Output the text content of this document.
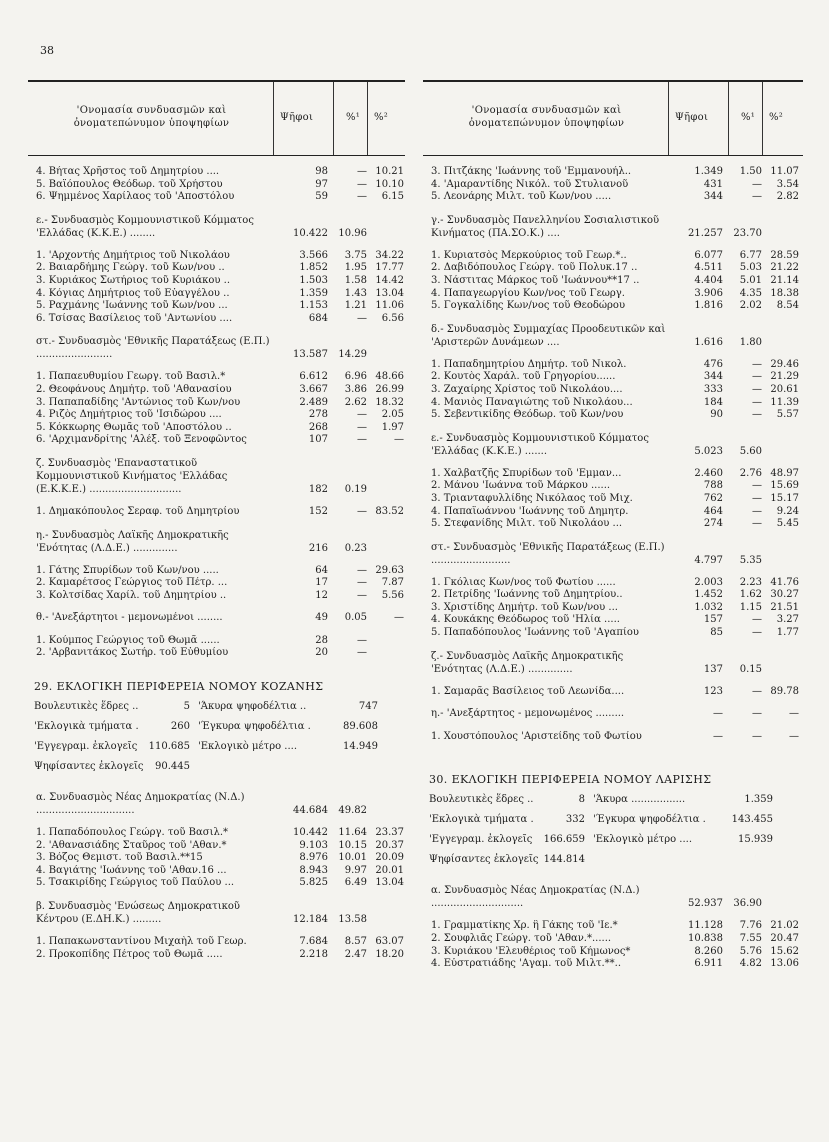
38
'Ονομασία συνδυασμῶν καὶ ὀνοματεπώνυμον ὑποψηφίων
Ψῆφοι	%¹ %²
4. Βήτας Χρῆστος τοῦ Δημητρίου ....	98	— 10.21
5. Βαϊόπουλος Θεόδωρ. τοῦ Χρήστου	97	— 10.10
6. Ψημμένος Χαρίλαος τοῦ 'Αποστόλου	59	—	6.15
ε.- Συνδυασμὸς Κομμουνιστικοῦ Κόμματος 'Ελλάδας (Κ.Κ.Ε.) ........	10.422	10.96
1. 'Αρχοντής Δημήτριος τοῦ Νικολάου	3.566	3.75 34.22
2. Βαιαρδήμης Γεώργ. τοῦ Κων/νου ..	1.852	1.95 17.77
3. Κυριάκος Σωτήριος τοῦ Κυριάκου ..	1.503	1.58 14.42
4. Κόγιας Δημήτριος τοῦ Εὐαγγέλου ..	1.359	1.43 13.04
5. Ραχμάνης 'Ιωάννης τοῦ Κων/νου ...	1.153	1.21 11.06
6. Τσίσας Βασίλειος τοῦ 'Αντωνίου ....	684	—	6.56
στ.- Συνδυασμὸς 'Εθνικῆς Παρατάξεως (Ε.Π.) ........................	13.587	14.29
1. Παπαευθυμίου Γεωργ. τοῦ Βασιλ.*	6.612	6.96 48.66
2. Θεοφάνους Δημήτρ. τοῦ 'Αθανασίου	3.667	3.86 26.99
3. Παπαπαδίδης 'Αντώνιος τοῦ Κων/νου	2.489	2.62 18.32
4. Ριζὸς Δημήτριος τοῦ 'Ισιδώρου ....	278	—	2.05
5. Κόκκωρης Θωμᾶς τοῦ 'Αποστόλου ..	268	—	1.97
6. 'Αρχιμανδρίτης 'Αλέξ. τοῦ Ξενοφῶντος	107	—	—
ζ. Συνδυασμὸς 'Επαναστατικοῦ Κομμουνιστικοῦ Κινήματος 'Ελλάδας (Ε.Κ.Κ.Ε.) .............................	182	0.19
1. Δημακόπουλος Σεραφ. τοῦ Δημητρίου	152	— 83.52
η.- Συνδυασμὸς Λαϊκῆς Δημοκρατικῆς 'Ενότητας (Λ.Δ.Ε.) ..............	216	0.23
1. Γάτης Σπυρίδων τοῦ Κων/νου .....	64	— 29.63
2. Καμαρέτσος Γεώργιος τοῦ Πέτρ. ...	17	—	7.87
3. Κολτσίδας Χαρίλ. τοῦ Δημητρίου ..	12	—	5.56
θ.- 'Ανεξάρτητοι - μεμονωμένοι ........	49	0.05	—
1. Κούμπος Γεώργιος τοῦ Θωμᾶ ......	28	—
2. 'Αρβανιτάκος Σωτήρ. τοῦ Εὐθυμίου	20	—
29. ΕΚΛΟΓΙΚΗ ΠΕΡΙΦΕΡΕΙΑ ΝΟΜΟΥ ΚΟΖΑΝΗΣ
Βουλευτικὲς ἕδρες ..	5 'Άκυρα ψηφοδέλτια ..	747
'Εκλογικὰ τμήματα .	260 'Έγκυρα ψηφοδέλτια .	89.608
'Εγγεγραμ. ἐκλογεῖς	110.685 'Εκλογικὸ μέτρο ....	14.949
Ψηφίσαντες ἐκλογεῖς	90.445
α. Συνδυασμὸς Νέας Δημοκρατίας (Ν.Δ.) ...............................	44.684	49.82
1. Παπαδόπουλος Γεώργ. τοῦ Βασιλ.*	10.442	11.64 23.37
2. 'Αθανασιάδης Σταῦρος τοῦ 'Αθαν.*	9.103	10.15 20.37
3. Βόζος Θεμιστ. τοῦ Βασιλ.**15	8.976	10.01 20.09
4. Βαγιάτης 'Ιωάννης τοῦ 'Αθαν.16 ...	8.943	9.97 20.01
5. Τσακιρίδης Γεώργιος τοῦ Παύλου ...	5.825	6.49 13.04
β. Συνδυασμὸς 'Ενώσεως Δημοκρατικοῦ Κέντρου (Ε.ΔΗ.Κ.) .........	12.184	13.58
1. Παπακωνσταντίνου Μιχαὴλ τοῦ Γεωρ.	7.684	8.57 63.07
2. Προκοπίδης Πέτρος τοῦ Θωμᾶ .....	2.218	2.47 18.20
'Ονομασία συνδυασμῶν καὶ ὀνοματεπώνυμον ὑποψηφίων
Ψῆφοι	%¹ %²
3. Πιτζάκης 'Ιωάννης τοῦ 'Εμμανουήλ..	1.349	1.50 11.07
4. 'Αμαραντίδης Νικόλ. τοῦ Στυλιανοῦ	431	—	3.54
5. Λεονάρης Μιλτ. τοῦ Κων/νου .....	344	—	2.82
γ.- Συνδυασμὸς Πανελληνίου Σοσιαλιστικοῦ Κινήματος (ΠΑ.ΣΟ.Κ.) ....	21.257	23.70
1. Κυριατσὸς Μερκούριος τοῦ Γεωρ.*..	6.077	6.77 28.59
2. Δαβιδόπουλος Γεώργ. τοῦ Πολυκ.17 ..	4.511	5.03 21.22
3. Νάστιτας Μάρκος τοῦ 'Ιωάννου**17 ..	4.404	5.01 21.14
4. Παπαγεωργίου Κων/νος τοῦ Γεωργ.	3.906	4.35 18.38
5. Γογκαλίδης Κων/νος τοῦ Θεοδώρου	1.816	2.02	8.54
δ.- Συνδυασμὸς Συμμαχίας Προοδευτικῶν καὶ 'Αριστερῶν Δυνάμεων ....	1.616	1.80
1. Παπαδημητρίου Δημήτρ. τοῦ Νικολ.	476	— 29.46
2. Κουτὸς Χαράλ. τοῦ Γρηγορίου......	344	— 21.29
3. Ζαχαίρης Χρίστος τοῦ Νικολάου....	333	— 20.61
4. Μανιὸς Παναγιώτης τοῦ Νικολάου...	184	— 11.39
5. Σεβεντικίδης Θεόδωρ. τοῦ Κων/νου	90	—	5.57
ε.- Συνδυασμὸς Κομμουνιστικοῦ Κόμματος 'Ελλάδας (Κ.Κ.Ε.) .......	5.023	5.60
1. Χαλβατζῆς Σπυρίδων τοῦ 'Εμμαν...	2.460	2.76 48.97
2. Μάνου 'Ιωάννα τοῦ Μάρκου ......	788	— 15.69
3. Τριανταφυλλίδης Νικόλαος τοῦ Μιχ.	762	— 15.17
4. Παπαϊωάννου 'Ιωάννης τοῦ Δημητρ.	464	—	9.24
5. Στεφανίδης Μιλτ. τοῦ Νικολάου ...	274	—	5.45
στ.- Συνδυασμὸς 'Εθνικῆς Παρατάξεως (Ε.Π.) .........................	4.797	5.35
1. Γκόλιας Κων/νος τοῦ Φωτίου ......	2.003	2.23 41.76
2. Πετρίδης 'Ιωάννης τοῦ Δημητρίου..	1.452	1.62 30.27
3. Χριστίδης Δημήτρ. τοῦ Κων/νου ...	1.032	1.15 21.51
4. Κουκάκης Θεόδωρος τοῦ 'Ηλία .....	157	—	3.27
5. Παπαδόπουλος 'Ιωάννης τοῦ 'Αγαπίου	85	—	1.77
ζ.- Συνδυασμὸς Λαϊκῆς Δημοκρατικῆς 'Ενότητας (Λ.Δ.Ε.) ..............	137	0.15
1. Σαμαρᾶς Βασίλειος τοῦ Λεωνίδα....	123	— 89.78
η.- 'Ανεξάρτητος - μεμονωμένος .........	—	—	—
1. Χουστόπουλος 'Αριστείδης τοῦ Φωτίου	—	—	—
30. ΕΚΛΟΓΙΚΗ ΠΕΡΙΦΕΡΕΙΑ ΝΟΜΟΥ ΛΑΡΙΣΗΣ
Βουλευτικὲς ἕδρες ..	8 'Άκυρα .................	1.359
'Εκλογικὰ τμήματα .	332 'Έγκυρα ψηφοδέλτια .	143.455
'Εγγεγραμ. ἐκλογεῖς	166.659 'Εκλογικὸ μέτρο ....	15.939
Ψηφίσαντες ἐκλογεῖς 144.814
α. Συνδυασμὸς Νέας Δημοκρατίας (Ν.Δ.) .............................	52.937	36.90
1. Γραμματίκης Χρ. ἢ Γάκης τοῦ 'Ιε.*	11.128	7.76 21.02
2. Σουφλιᾶς Γεώργ. τοῦ 'Αθαν.*......	10.838	7.55 20.47
3. Κυριάκου 'Ελευθέριος τοῦ Κήμωνος*	8.260	5.76 15.62
4. Εὐστρατιάδης 'Αγαμ. τοῦ Μιλτ.**..	6.911	4.82 13.06
